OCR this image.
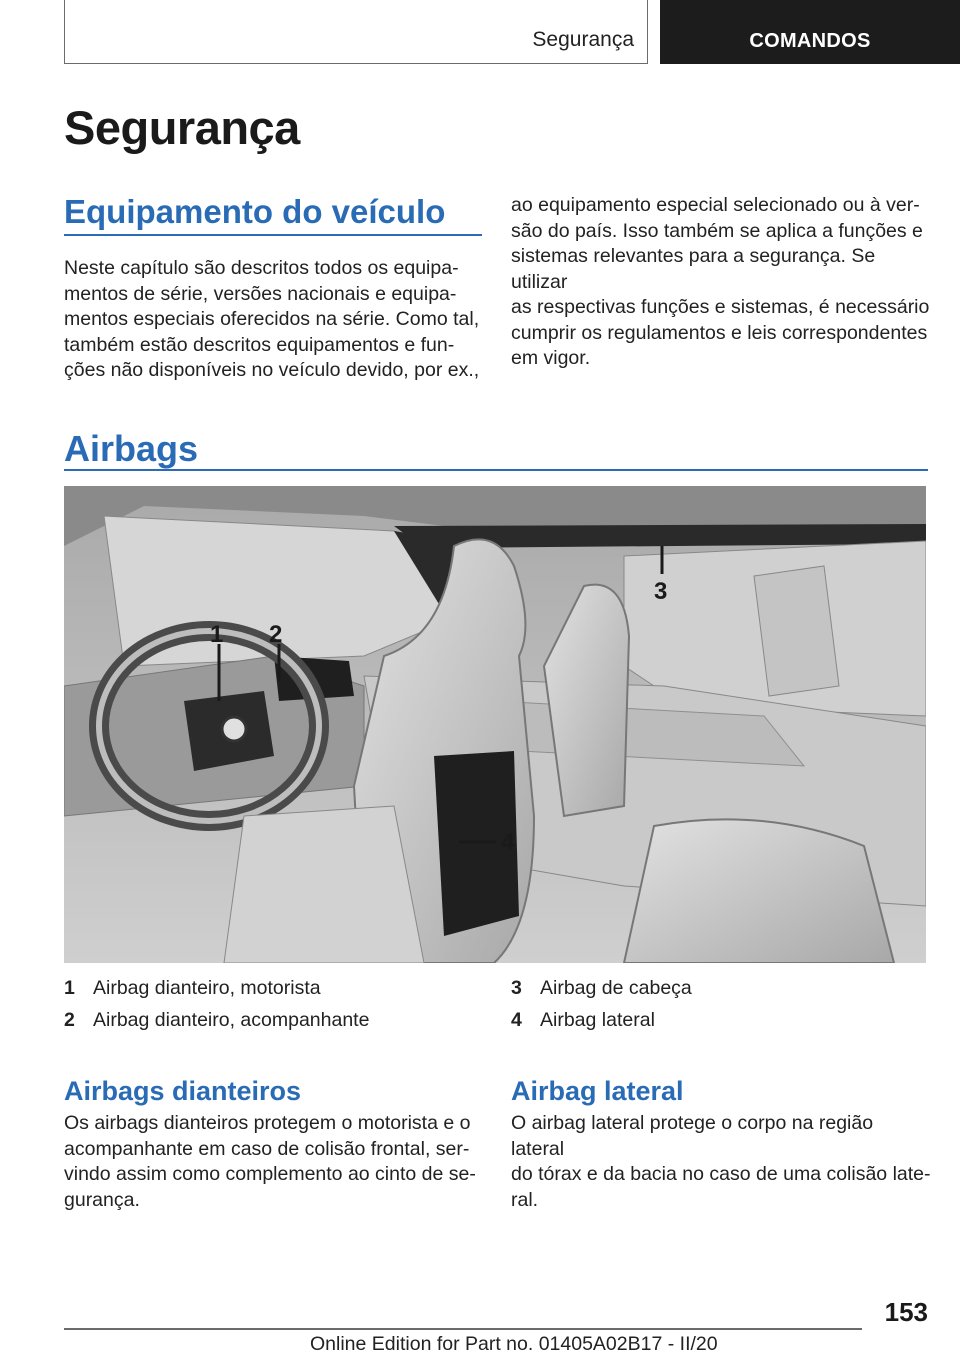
Segurança	COMANDOS
Segurança
Equipamento do veículo
Neste capítulo são descritos todos os equipa‐
mentos de série, versões nacionais e equipa‐
mentos especiais oferecidos na série. Como tal,
também estão descritos equipamentos e fun‐
ções não disponíveis no veículo devido, por ex.,
ao equipamento especial selecionado ou à ver‐
são do país. Isso também se aplica a funções e
sistemas relevantes para a segurança. Se utilizar
as respectivas funções e sistemas, é necessário
cumprir os regulamentos e leis correspondentes
em vigor.
Airbags
1 2
3
4
1 Airbag dianteiro, motorista
2 Airbag dianteiro, acompanhante
3 Airbag de cabeça
4 Airbag lateral
Airbags dianteiros
Os airbags dianteiros protegem o motorista e o
acompanhante em caso de colisão frontal, ser‐
vindo assim como complemento ao cinto de se‐
gurança.
Airbag lateral
O airbag lateral protege o corpo na região lateral
do tórax e da bacia no caso de uma colisão late‐
ral.
153
Online Edition for Part no. 01405A02B17 - II/20
